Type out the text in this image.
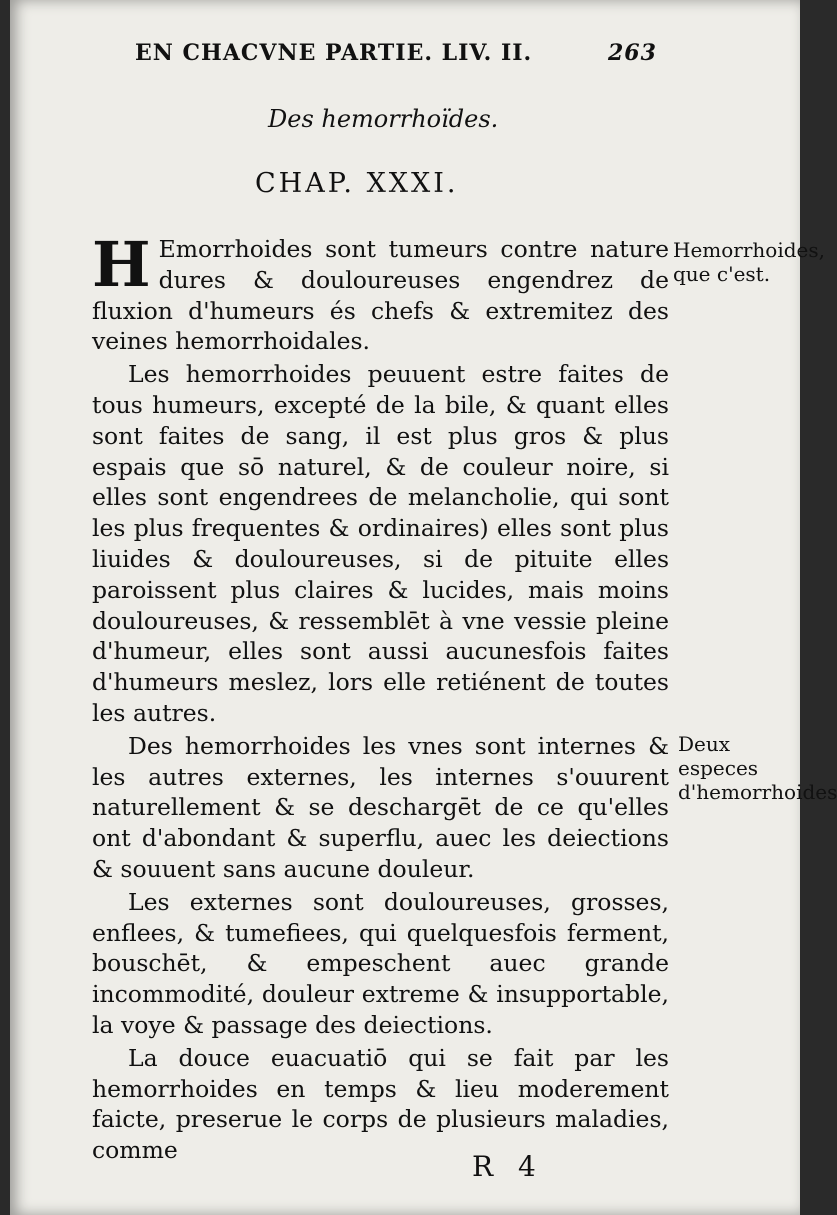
EN CHACVNE PARTIE. LIV. II.	263
Des hemorrhoïdes.
CHAP. XXXI.

H Emorrhoides sont tumeurs contre nature dures & douloureuses engendrez de fluxion d'humeurs és chefs & extremitez des veines hemorrhoidales.

Les hemorrhoides peuuent estre faites de tous humeurs, excepté de la bile, & quant elles sont faites de sang, il est plus gros & plus espais que sō naturel, & de couleur noire, si elles sont engendrees de melancholie, qui sont les plus frequentes & ordinaires) elles sont plus liuides & douloureuses, si de pituite elles paroissent plus claires & lucides, mais moins douloureuses, & ressemblēt à vne vessie pleine d'humeur, elles sont aussi aucunesfois faites d'humeurs meslez, lors elle retiénent de toutes les autres.

Des hemorrhoides les vnes sont internes & les autres externes, les internes s'ouurent naturellement & se deschargēt de ce qu'elles ont d'abondant & superflu, auec les deiections & souuent sans aucune douleur.

Les externes sont douloureuses, grosses, enflees, & tumefiees, qui quelquesfois ferment, bouschēt, & empeschent auec grande incommodité, douleur extreme & insupportable, la voye & passage des deiections.

La douce euacuatiō qui se fait par les hemorrhoides en temps & lieu moderement faicte, preserue le corps de plusieurs maladies, comme

Hemorrhoides, que c'est.
Deux especes d'hemorrhoides
R 4
